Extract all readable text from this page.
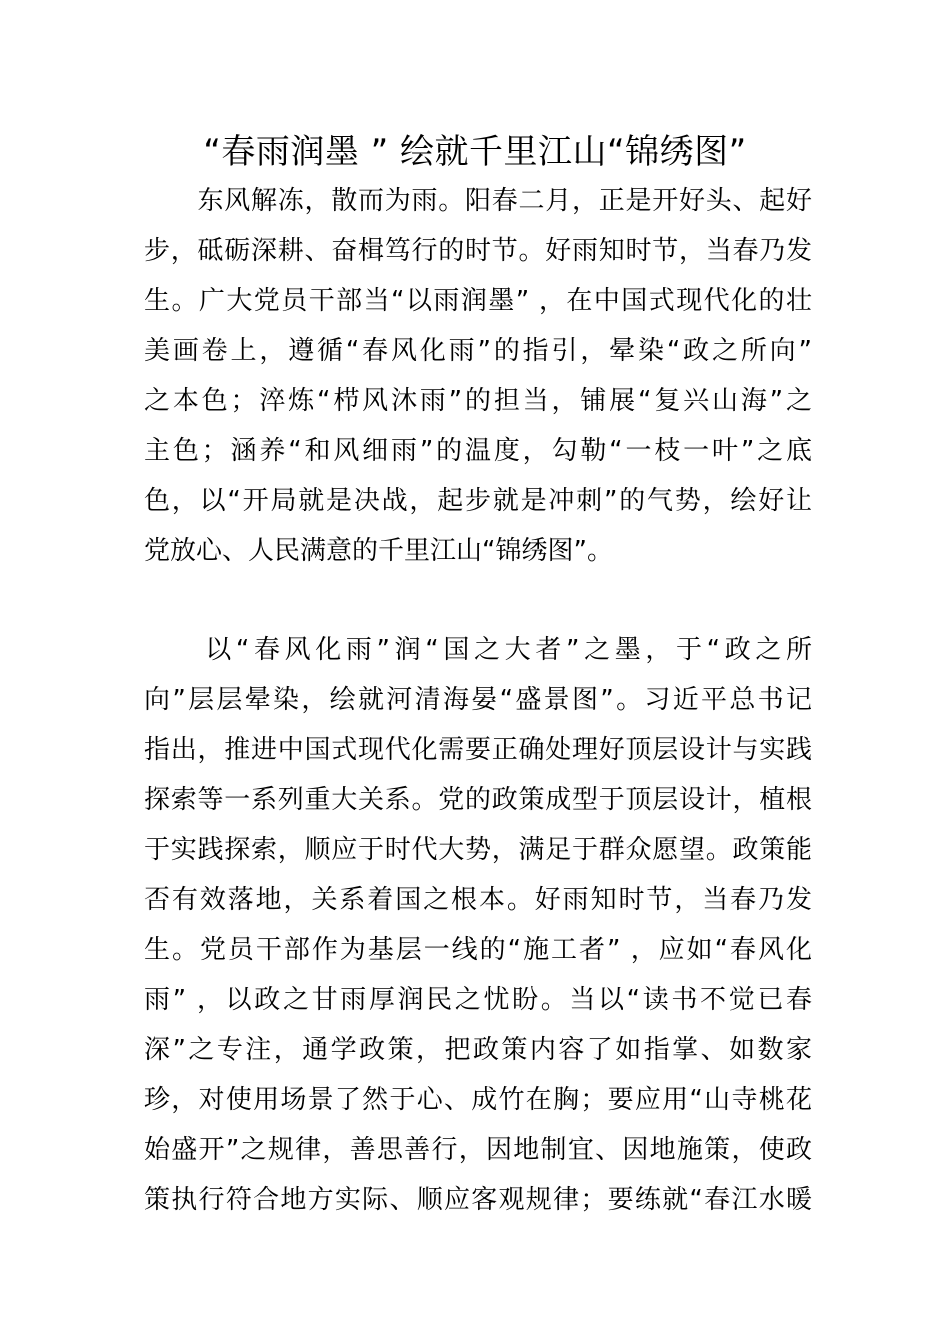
“春雨润墨 ” 绘就千里江山“锦绣图”
　　东风解冻，散而为雨。阳春二月，正是开好头、起好
步，砥砺深耕、奋楫笃行的时节。好雨知时节，当春乃发
生。广大党员干部当“以雨润墨” ，在中国式现代化的壮
美画卷上，遵循“春风化雨”的指引，晕染“政之所向”
之本色；淬炼“栉风沐雨”的担当，铺展“复兴山海”之
主色；涵养“和风细雨”的温度，勾勒“一枝一叶”之底
色，以“开局就是决战，起步就是冲刺”的气势，绘好让
党放心、人民满意的千里江山“锦绣图”。
　　以“春风化雨”润“国之大者”之墨，于“政之所
向”层层晕染，绘就河清海晏“盛景图”。习近平总书记
指出，推进中国式现代化需要正确处理好顶层设计与实践
探索等一系列重大关系。党的政策成型于顶层设计，植根
于实践探索，顺应于时代大势，满足于群众愿望。政策能
否有效落地，关系着国之根本。好雨知时节，当春乃发
生。党员干部作为基层一线的“施工者” ，应如“春风化
雨” ，以政之甘雨厚润民之忧盼。当以“读书不觉已春
深”之专注，通学政策，把政策内容了如指掌、如数家
珍，对使用场景了然于心、成竹在胸；要应用“山寺桃花
始盛开”之规律，善思善行，因地制宜、因地施策，使政
策执行符合地方实际、顺应客观规律；要练就“春江水暖
